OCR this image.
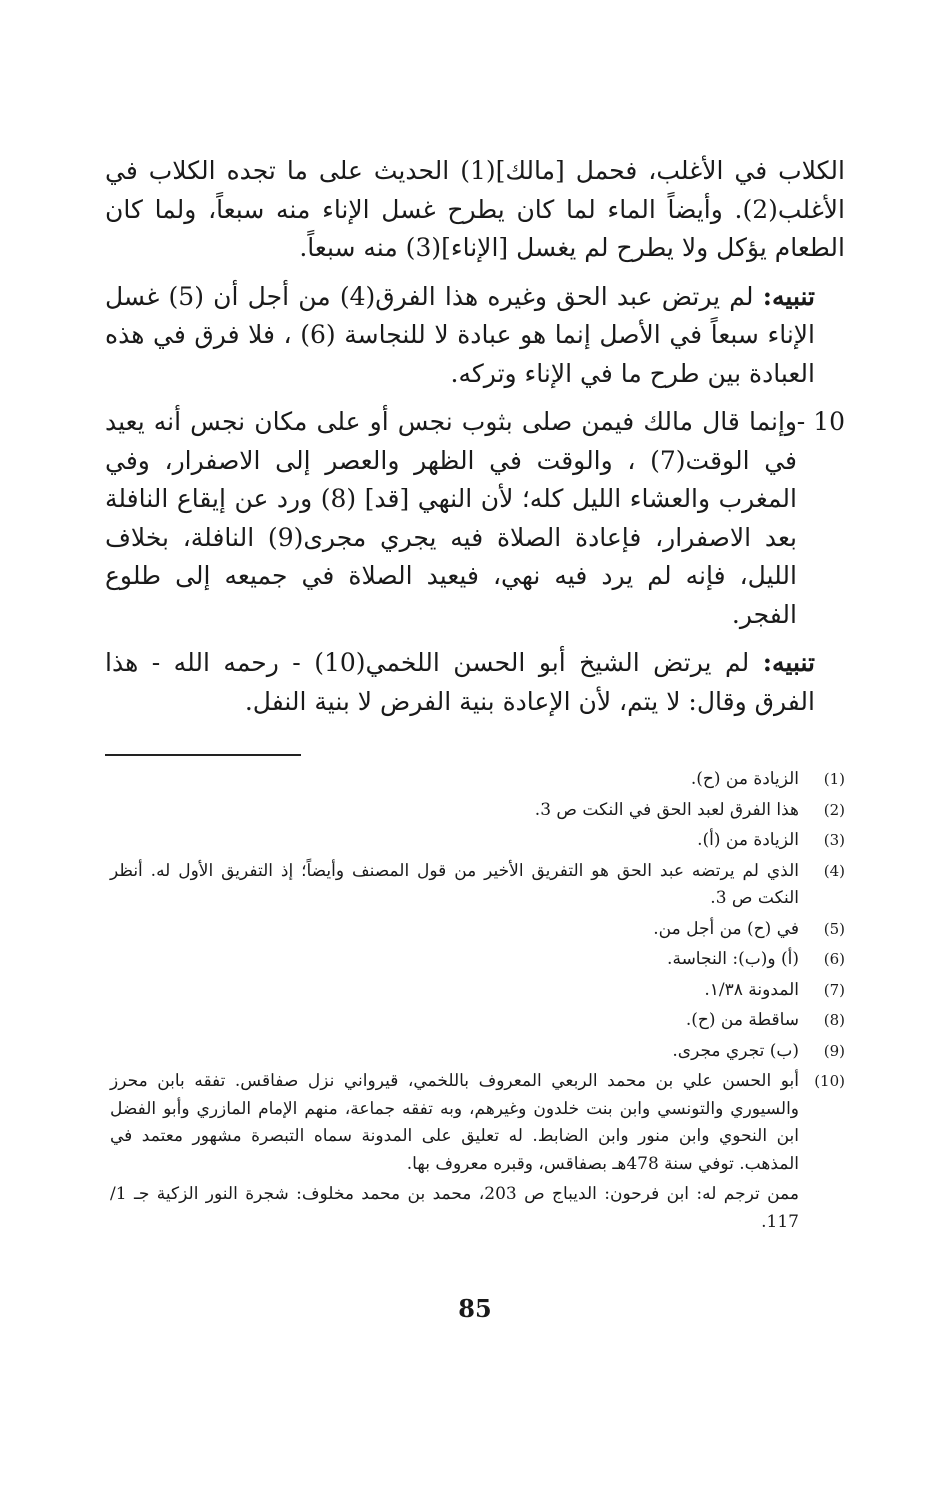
الكلاب في الأغلب، فحمل [مالك](1) الحديث على ما تجده الكلاب في الأغلب(2). وأيضاً الماء لما كان يطرح غسل الإناء منه سبعاً، ولما كان الطعام يؤكل ولا يطرح لم يغسل [الإناء](3) منه سبعاً.

تنبيه: لم يرتض عبد الحق وغيره هذا الفرق(4) من أجل أن (5) غسل الإناء سبعاً في الأصل إنما هو عبادة لا للنجاسة (6) ، فلا فرق في هذه العبادة بين طرح ما في الإناء وتركه.

10 -
وإنما قال مالك فيمن صلى بثوب نجس أو على مكان نجس أنه يعيد في الوقت(7) ، والوقت في الظهر والعصر إلى الاصفرار، وفي المغرب والعشاء الليل كله؛ لأن النهي [قد] (8) ورد عن إيقاع النافلة بعد الاصفرار، فإعادة الصلاة فيه يجري مجرى(9) النافلة، بخلاف الليل، فإنه لم يرد فيه نهي، فيعيد الصلاة في جميعه إلى طلوع الفجر.

تنبيه: لم يرتض الشيخ أبو الحسن اللخمي(10) - رحمه الله - هذا الفرق وقال: لا يتم، لأن الإعادة بنية الفرض لا بنية النفل.

(1)
الزيادة من (ح).
(2)
هذا الفرق لعبد الحق في النكت ص 3.
(3)
الزيادة من (أ).
(4)
الذي لم يرتضه عبد الحق هو التفريق الأخير من قول المصنف وأيضاً؛ إذ التفريق الأول له. أنظر النكت ص 3.
(5)
في (ح) من أجل من.
(6)
(أ) و(ب): النجاسة.
(7)
المدونة ١/٣٨.
(8)
ساقطة من (ح).
(9)
(ب) تجري مجرى.
(10)
أبو الحسن علي بن محمد الربعي المعروف باللخمي، قيرواني نزل صفاقس. تفقه بابن محرز والسيوري والتونسي وابن بنت خلدون وغيرهم، وبه تفقه جماعة، منهم الإمام المازري وأبو الفضل ابن النحوي وابن منور وابن الضابط. له تعليق على المدونة سماه التبصرة مشهور معتمد في المذهب. توفي سنة 478هـ بصفاقس، وقبره معروف بها.
ممن ترجم له: ابن فرحون: الديباج ص 203، محمد بن محمد مخلوف: شجرة النور الزكية جـ 1/ 117.
85
